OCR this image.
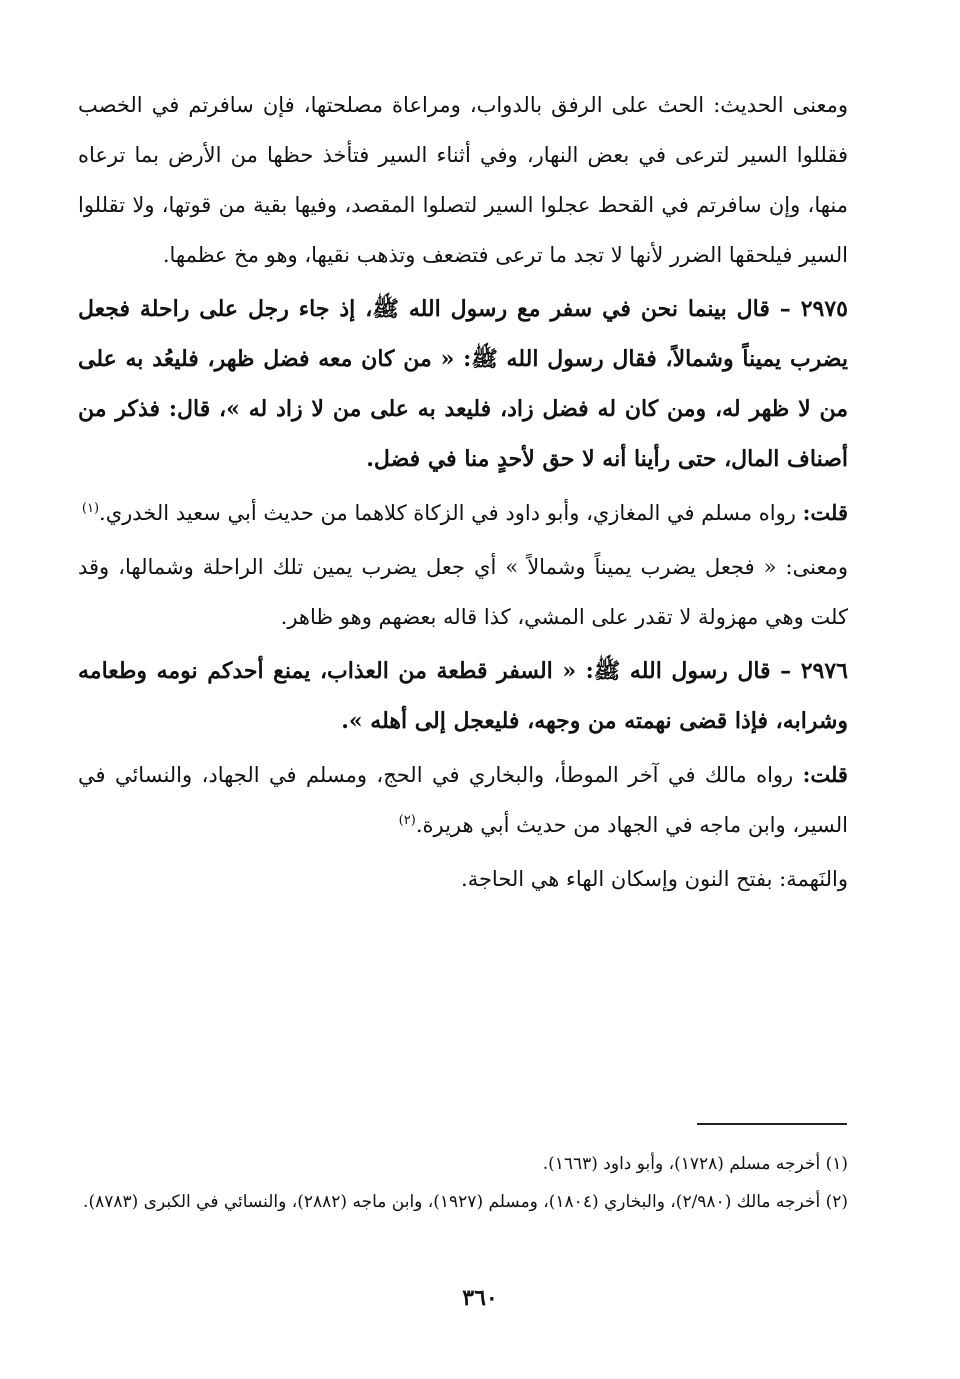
ومعنى الحديث: الحث على الرفق بالدواب، ومراعاة مصلحتها، فإن سافرتم في الخصب فقللوا السير لترعى في بعض النهار، وفي أثناء السير فتأخذ حظها من الأرض بما ترعاه منها، وإن سافرتم في القحط عجلوا السير لتصلوا المقصد، وفيها بقية من قوتها، ولا تقللوا السير فيلحقها الضرر لأنها لا تجد ما ترعى فتضعف وتذهب نقيها، وهو مخ عظمها.

٢٩٧٥ – قال بينما نحن في سفر مع رسول الله ﷺ، إذ جاء رجل على راحلة فجعل يضرب يميناً وشمالاً، فقال رسول الله ﷺ: « من كان معه فضل ظهر، فليعُد به على من لا ظهر له، ومن كان له فضل زاد، فليعد به على من لا زاد له »، قال: فذكر من أصناف المال، حتى رأينا أنه لا حق لأحدٍ منا في فضل.

قلت: رواه مسلم في المغازي، وأبو داود في الزكاة كلاهما من حديث أبي سعيد الخدري.$^{(١)}$

ومعنى: « فجعل يضرب يميناً وشمالاً » أي جعل يضرب يمين تلك الراحلة وشمالها، وقد كلت وهي مهزولة لا تقدر على المشي، كذا قاله بعضهم وهو ظاهر.

٢٩٧٦ – قال رسول الله ﷺ: « السفر قطعة من العذاب، يمنع أحدكم نومه وطعامه وشرابه، فإذا قضى نهمته من وجهه، فليعجل إلى أهله ».

قلت: رواه مالك في آخر الموطأ، والبخاري في الحج، ومسلم في الجهاد، والنسائي في السير، وابن ماجه في الجهاد من حديث أبي هريرة.$^{(٢)}$

والنَهمة: بفتح النون وإسكان الهاء هي الحاجة.

(١) أخرجه مسلم (١٧٢٨)، وأبو داود (١٦٦٣).

(٢) أخرجه مالك (٢/٩٨٠)، والبخاري (١٨٠٤)، ومسلم (١٩٢٧)، وابن ماجه (٢٨٨٢)، والنسائي في الكبرى (٨٧٨٣).

٣٦٠
